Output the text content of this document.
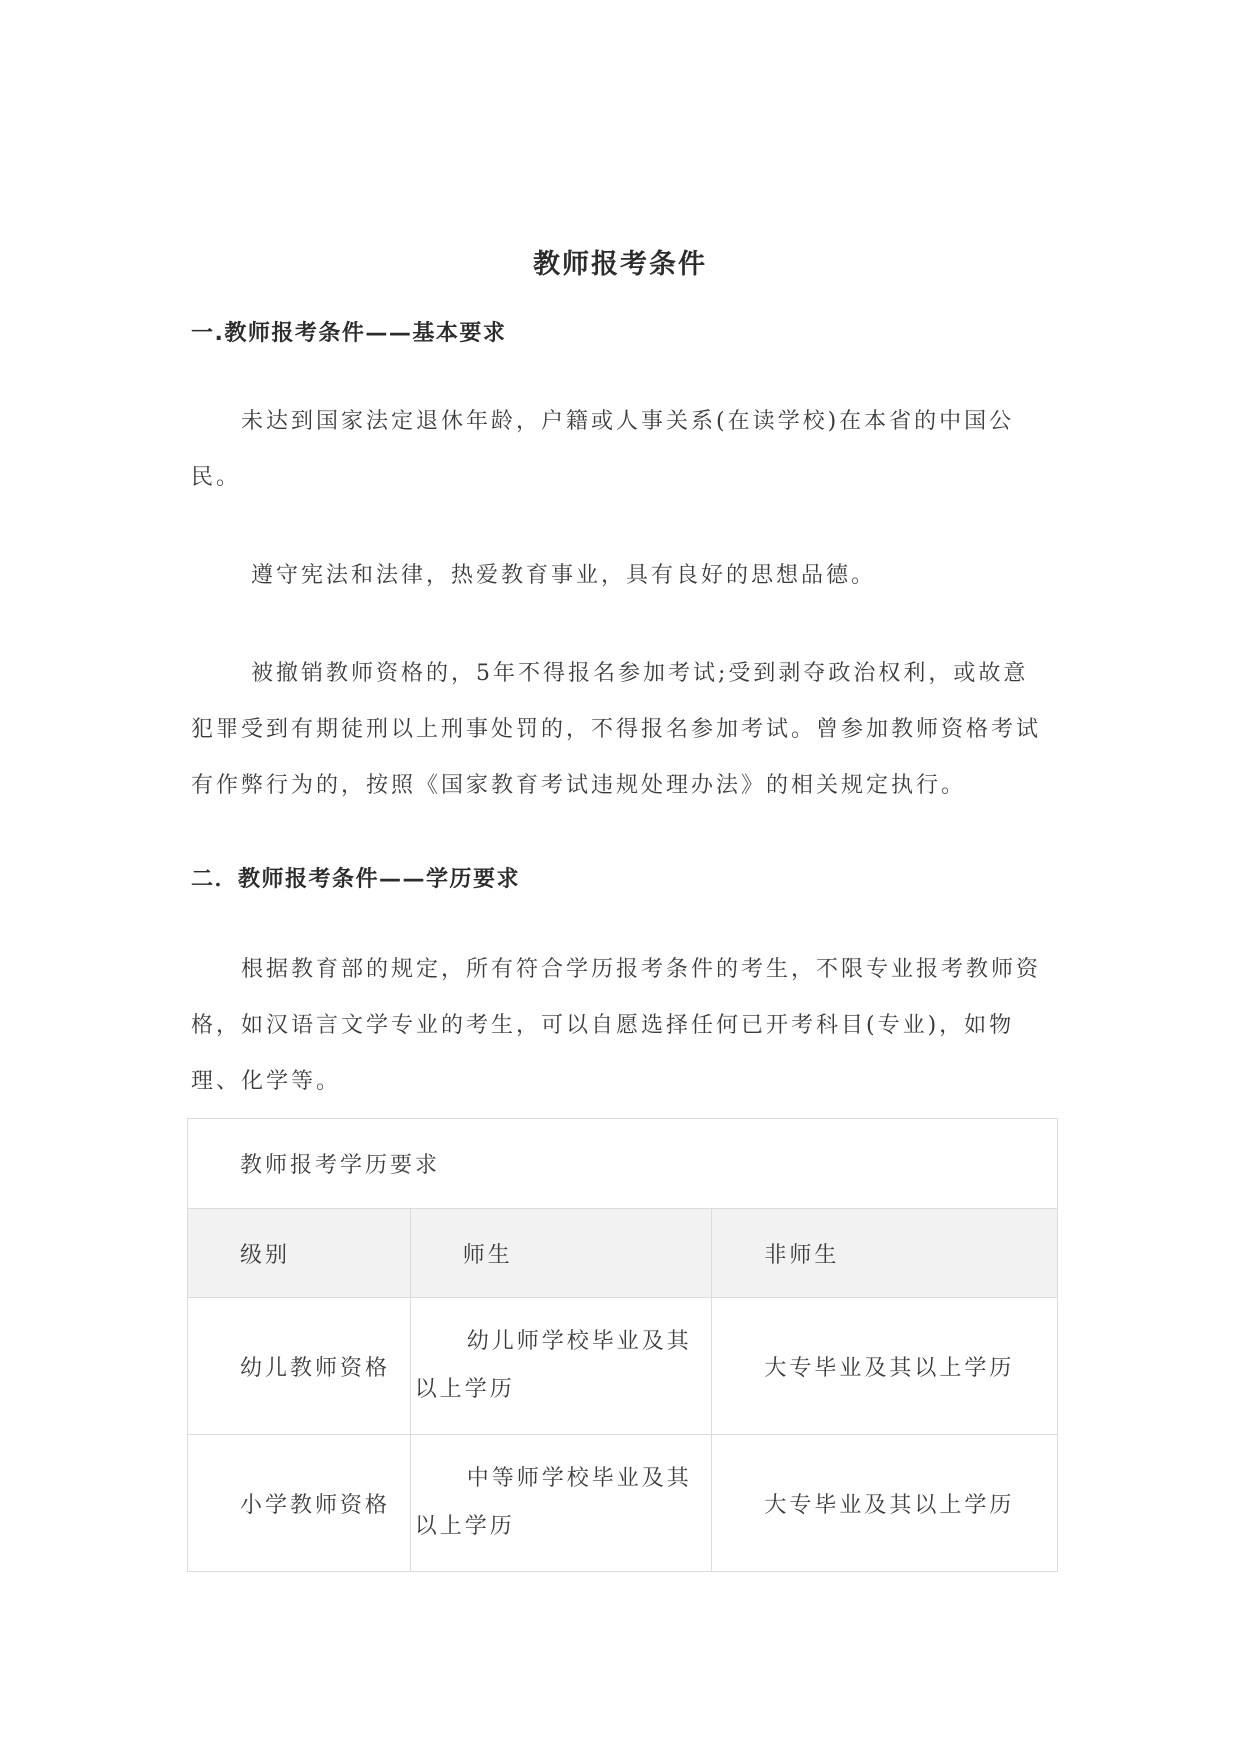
教师报考条件
一.教师报考条件——基本要求
未达到国家法定退休年龄，户籍或人事关系(在读学校)在本省的中国公民。
遵守宪法和法律，热爱教育事业，具有良好的思想品德。
被撤销教师资格的，5年不得报名参加考试;受到剥夺政治权利，或故意犯罪受到有期徒刑以上刑事处罚的，不得报名参加考试。曾参加教师资格考试有作弊行为的，按照《国家教育考试违规处理办法》的相关规定执行。
二．教师报考条件——学历要求
根据教育部的规定，所有符合学历报考条件的考生，不限专业报考教师资格，如汉语言文学专业的考生，可以自愿选择任何已开考科目(专业)，如物理、化学等。
教师报考学历要求		
级别	师生	非师生
幼儿教师资格	幼儿师学校毕业及其以上学历	大专毕业及其以上学历
小学教师资格	中等师学校毕业及其以上学历	大专毕业及其以上学历
